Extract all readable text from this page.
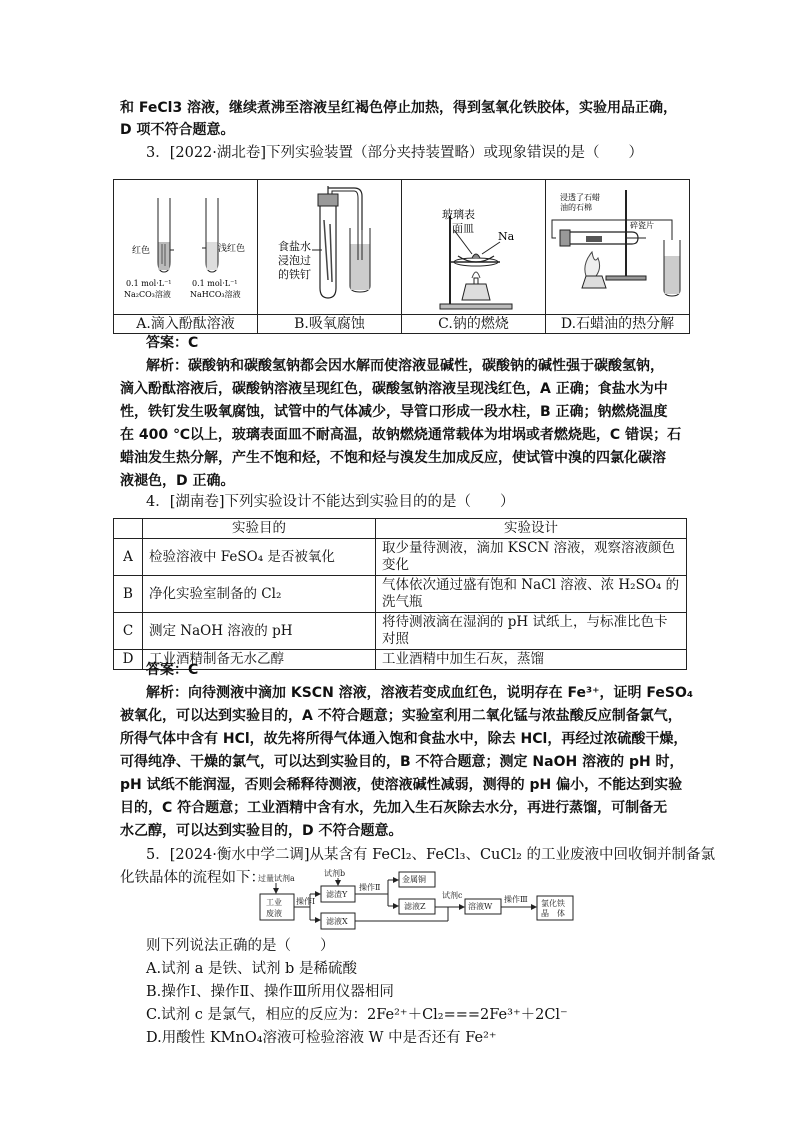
和 FeCl3 溶液，继续煮沸至溶液呈红褐色停止加热，得到氢氧化铁胶体，实验用品正确，
D 项不符合题意。
3．[2022·湖北卷]下列实验装置（部分夹持装置略）或现象错误的是（　　）
红色	浅红色
0.1 mol·L⁻¹
Na₂CO₃溶液
0.1 mol·L⁻¹
NaHCO₃溶液
A.滴入酚酞溶液

食盐水
浸泡过
的铁钉
B.吸氧腐蚀

玻璃表
面皿
Na
C.钠的燃烧

浸透了石蜡
油的石棉
碎瓷片
D.石蜡油的热分解
答案：C
解析：碳酸钠和碳酸氢钠都会因水解而使溶液显碱性，碳酸钠的碱性强于碳酸氢钠，
滴入酚酞溶液后，碳酸钠溶液呈现红色，碳酸氢钠溶液呈现浅红色，A 正确；食盐水为中
性，铁钉发生吸氧腐蚀，试管中的气体减少，导管口形成一段水柱，B 正确；钠燃烧温度
在 400 ℃以上，玻璃表面皿不耐高温，故钠燃烧通常载体为坩埚或者燃烧匙，C 错误；石
蜡油发生热分解，产生不饱和烃，不饱和烃与溴发生加成反应，使试管中溴的四氯化碳溶
液褪色，D 正确。
4．[湖南卷]下列实验设计不能达到实验目的的是（　　）
	实验目的	实验设计
A	检验溶液中 FeSO₄ 是否被氧化	取少量待测液，滴加 KSCN 溶液，观察溶液颜色变化
B	净化实验室制备的 Cl₂	气体依次通过盛有饱和 NaCl 溶液、浓 H₂SO₄ 的洗气瓶
C	测定 NaOH 溶液的 pH	将待测液滴在湿润的 pH 试纸上，与标准比色卡对照
D	工业酒精制备无水乙醇	工业酒精中加生石灰，蒸馏
答案：C
解析：向待测液中滴加 KSCN 溶液，溶液若变成血红色，说明存在 Fe³⁺，证明 FeSO₄
被氧化，可以达到实验目的，A 不符合题意；实验室利用二氧化锰与浓盐酸反应制备氯气，
所得气体中含有 HCl，故先将所得气体通入饱和食盐水中，除去 HCl，再经过浓硫酸干燥，
可得纯净、干燥的氯气，可以达到实验目的，B 不符合题意；测定 NaOH 溶液的 pH 时，
pH 试纸不能润湿，否则会稀释待测液，使溶液碱性减弱，测得的 pH 偏小，不能达到实验
目的，C 符合题意；工业酒精中含有水，先加入生石灰除去水分，再进行蒸馏，可制备无
水乙醇，可以达到实验目的，D 不符合题意。
5．[2024·衡水中学二调]从某含有 FeCl₂、FeCl₃、CuCl₂ 的工业废液中回收铜并制备氯
化铁晶体的流程如下：
工业
废液
过量试剂a
操作Ⅰ
滤渣Y
试剂b
滤液X
操作Ⅱ
金属铜
滤液Z
试剂c
溶液W
操作Ⅲ 氯化铁
晶　体
则下列说法正确的是（　　）
A.试剂 a 是铁、试剂 b 是稀硫酸
B.操作Ⅰ、操作Ⅱ、操作Ⅲ所用仪器相同
C.试剂 c 是氯气，相应的反应为：2Fe²⁺＋Cl₂===2Fe³⁺＋2Cl⁻
D.用酸性 KMnO₄溶液可检验溶液 W 中是否还有 Fe²⁺
